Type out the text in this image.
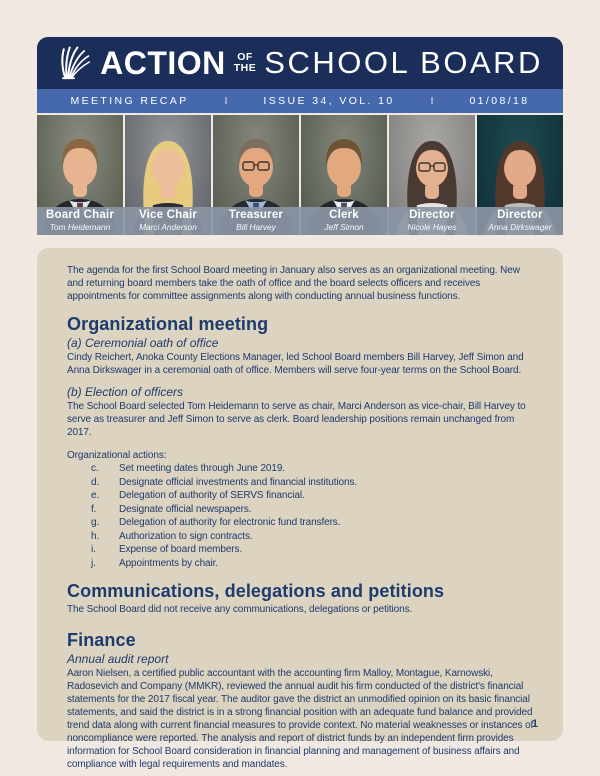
ACTION	OF
THE SCHOOL BOARD
MEETING RECAP	I	ISSUE 34, VOL. 10	I	01/08/18
Board Chair
Tom Heidemann
Vice Chair
Marci Anderson
Treasurer
Bill Harvey
Clerk
Jeff Simon
Director
Nicole Hayes
Director
Anna Dirkswager

The agenda for the first School Board meeting in January also serves as an organizational meeting. New and returning board members take the oath of office and the board selects officers and receives appointments for committee assignments along with conducting annual business functions.

Organizational meeting
(a) Ceremonial oath of office

Cindy Reichert, Anoka County Elections Manager, led School Board members Bill Harvey, Jeff Simon and Anna Dirkswager in a ceremonial oath of office. Members will serve four-year terms on the School Board.

(b) Election of officers

The School Board selected Tom Heidemann to serve as chair, Marci Anderson as vice-chair, Bill Harvey to serve as treasurer and Jeff Simon to serve as clerk. Board leadership positions remain unchanged from 2017.

Organizational actions:
c.	Set meeting dates through June 2019.
d.	Designate official investments and financial institutions.
e.	Delegation of authority of SERVS financial.
f.	Designate official newspapers.
g.	Delegation of authority for electronic fund transfers.
h.	Authorization to sign contracts.
i.	Expense of board members.
j.	Appointments by chair.
Communications, delegations and petitions

The School Board did not receive any communications, delegations or petitions.

Finance
Annual audit report

Aaron Nielsen, a certified public accountant with the accounting firm Malloy, Montague, Karnowski, Radosevich and Company (MMKR), reviewed the annual audit his firm conducted of the district's financial statements for the 2017 fiscal year. The auditor gave the district an unmodified opinion on its basic financial statements, and said the district is in a strong financial position with an adequate fund balance and provided trend data along with current financial measures to provide context. No material weaknesses or instances of noncompliance were reported. The analysis and report of district funds by an independent firm provides information for School Board consideration in financial planning and management of business affairs and compliance with legal requirements and mandates.

1
